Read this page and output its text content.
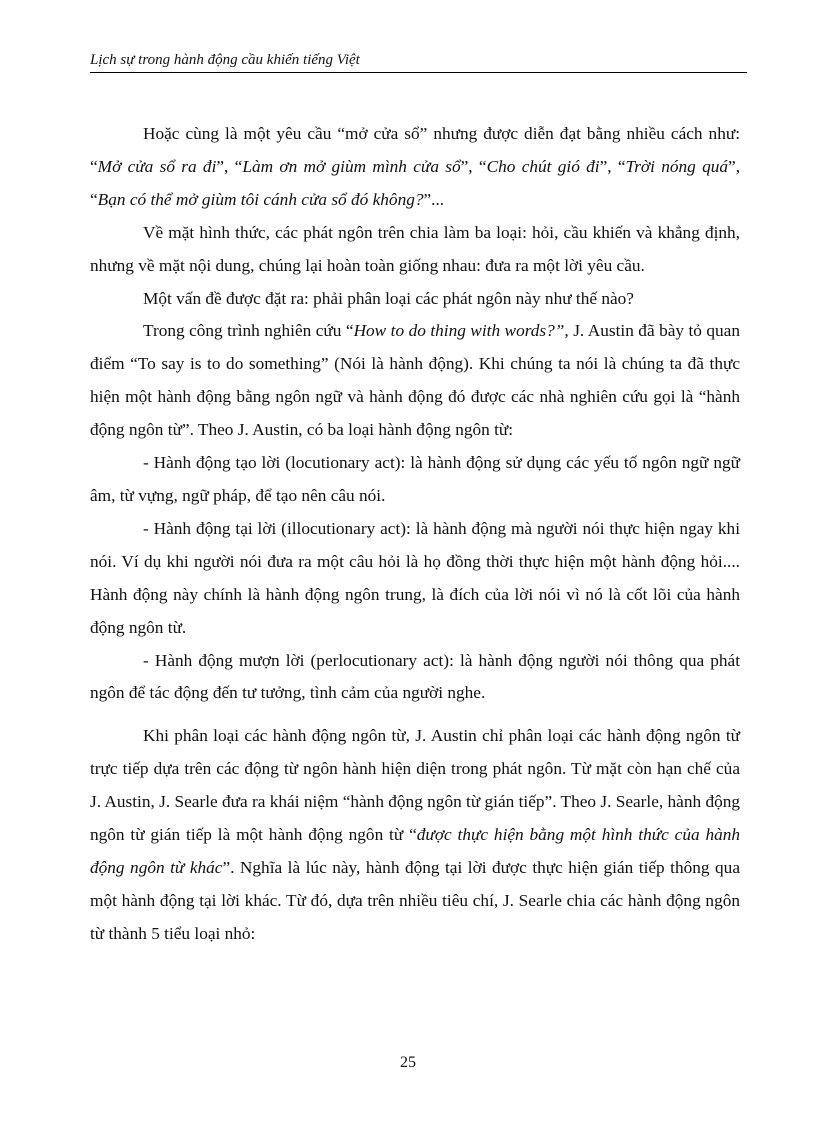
Lịch sự trong hành động cầu khiến tiếng Việt

Hoặc cùng là một yêu cầu “mở cửa sổ” nhưng được diễn đạt bằng nhiều cách như: “Mở cửa sổ ra đi”, “Làm ơn mở giùm mình cửa sổ”, “Cho chút gió đi”, “Trời nóng quá”, “Bạn có thể mở giùm tôi cánh cửa sổ đó không?”...

Về mặt hình thức, các phát ngôn trên chia làm ba loại: hỏi, cầu khiến và khẳng định, nhưng về mặt nội dung, chúng lại hoàn toàn giống nhau: đưa ra một lời yêu cầu.

Một vấn đề được đặt ra: phải phân loại các phát ngôn này như thế nào?

Trong công trình nghiên cứu “How to do thing with words?”, J. Austin đã bày tỏ quan điểm “To say is to do something” (Nói là hành động). Khi chúng ta nói là chúng ta đã thực hiện một hành động bằng ngôn ngữ và hành động đó được các nhà nghiên cứu gọi là “hành động ngôn từ”. Theo J. Austin, có ba loại hành động ngôn từ:

- Hành động tạo lời (locutionary act): là hành động sử dụng các yếu tố ngôn ngữ ngữ âm, từ vựng, ngữ pháp, để tạo nên câu nói.

- Hành động tại lời (illocutionary act): là hành động mà người nói thực hiện ngay khi nói. Ví dụ khi người nói đưa ra một câu hỏi là họ đồng thời thực hiện một hành động hỏi.... Hành động này chính là hành động ngôn trung, là đích của lời nói vì nó là cốt lõi của hành động ngôn từ.

- Hành động mượn lời (perlocutionary act): là hành động người nói thông qua phát ngôn để tác động đến tư tưởng, tình cảm của người nghe.

Khi phân loại các hành động ngôn từ, J. Austin chỉ phân loại các hành động ngôn từ trực tiếp dựa trên các động từ ngôn hành hiện diện trong phát ngôn. Từ mặt còn hạn chế của J. Austin, J. Searle đưa ra khái niệm “hành động ngôn từ gián tiếp”. Theo J. Searle, hành động ngôn từ gián tiếp là một hành động ngôn từ “được thực hiện bằng một hình thức của hành động ngôn từ khác”. Nghĩa là lúc này, hành động tại lời được thực hiện gián tiếp thông qua một hành động tại lời khác. Từ đó, dựa trên nhiều tiêu chí, J. Searle chia các hành động ngôn từ thành 5 tiểu loại nhỏ:

25
